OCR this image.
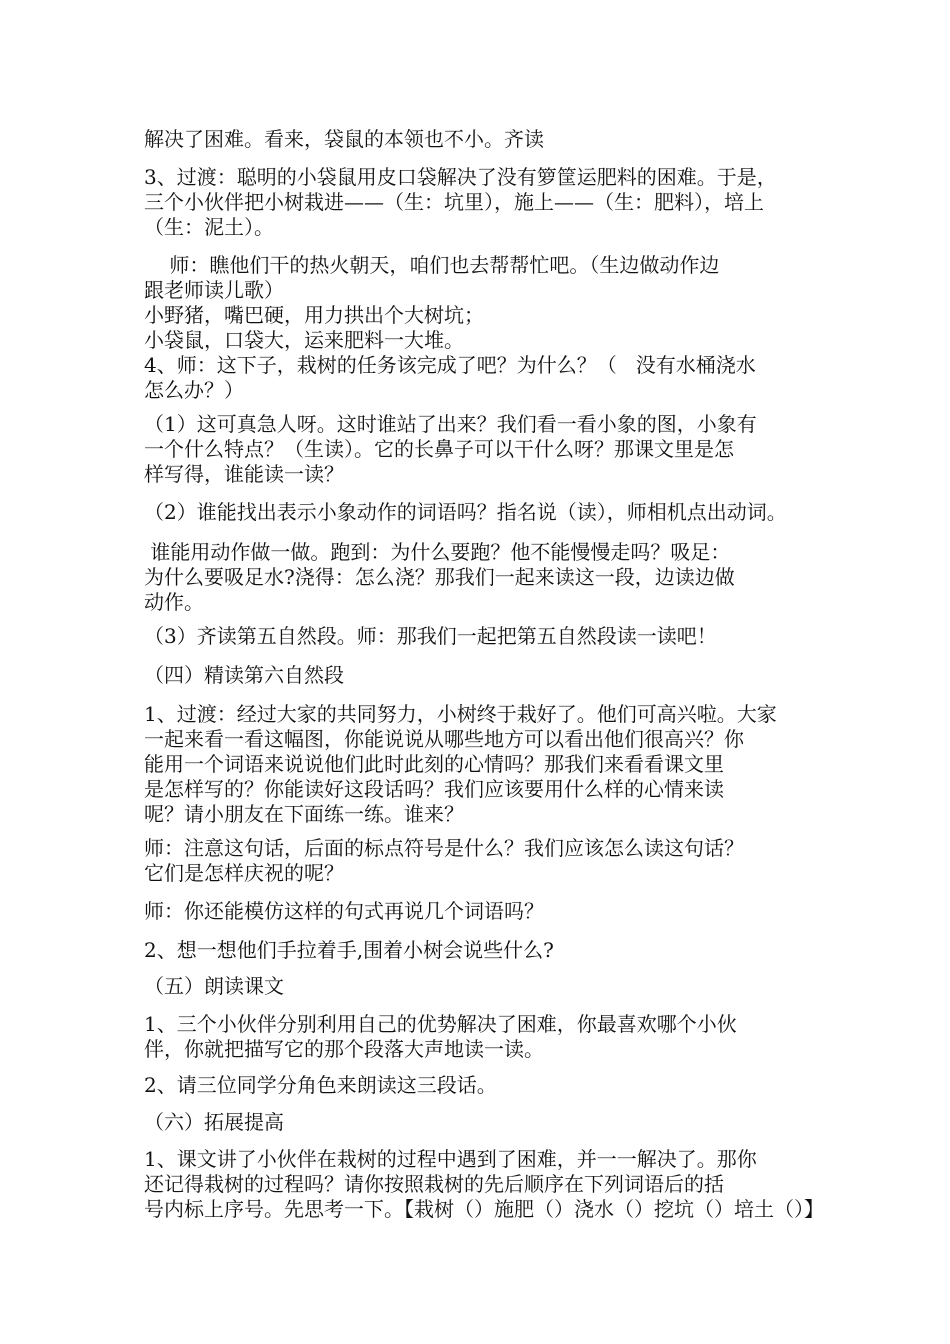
解决了困难。看来，袋鼠的本领也不小。齐读
3、过渡：聪明的小袋鼠用皮口袋解决了没有箩筐运肥料的困难。于是，
三个小伙伴把小树栽进——（生：坑里），施上——（生：肥料），培上
（生：泥土）。
师：瞧他们干的热火朝天，咱们也去帮帮忙吧。（生边做动作边
跟老师读儿歌）
小野猪，嘴巴硬，用力拱出个大树坑；
小袋鼠，口袋大，运来肥料一大堆。
4、师：这下子，栽树的任务该完成了吧？为什么？（   没有水桶浇水
怎么办？）
（1）这可真急人呀。这时谁站了出来？我们看一看小象的图，小象有
一个什么特点？（生读）。它的长鼻子可以干什么呀？那课文里是怎
样写得，谁能读一读？
（2）谁能找出表示小象动作的词语吗？指名说（读），师相机点出动词。
谁能用动作做一做。跑到：为什么要跑？他不能慢慢走吗？吸足：
为什么要吸足水?浇得：怎么浇？那我们一起来读这一段，边读边做
动作。
（3）齐读第五自然段。师：那我们一起把第五自然段读一读吧！
（四）精读第六自然段
1、过渡：经过大家的共同努力，小树终于栽好了。他们可高兴啦。大家
一起来看一看这幅图，你能说说从哪些地方可以看出他们很高兴？你
能用一个词语来说说他们此时此刻的心情吗？那我们来看看课文里
是怎样写的？你能读好这段话吗？我们应该要用什么样的心情来读
呢？请小朋友在下面练一练。谁来？
师：注意这句话，后面的标点符号是什么？我们应该怎么读这句话？
它们是怎样庆祝的呢？
师：你还能模仿这样的句式再说几个词语吗？
2、想一想他们手拉着手,围着小树会说些什么?
（五）朗读课文
1、三个小伙伴分别利用自己的优势解决了困难，你最喜欢哪个小伙
伴，你就把描写它的那个段落大声地读一读。
2、请三位同学分角色来朗读这三段话。
（六）拓展提高
1、课文讲了小伙伴在栽树的过程中遇到了困难，并一一解决了。那你
还记得栽树的过程吗？请你按照栽树的先后顺序在下列词语后的括
号内标上序号。先思考一下。【栽树（）施肥（）浇水（）挖坑（）培土（）】
